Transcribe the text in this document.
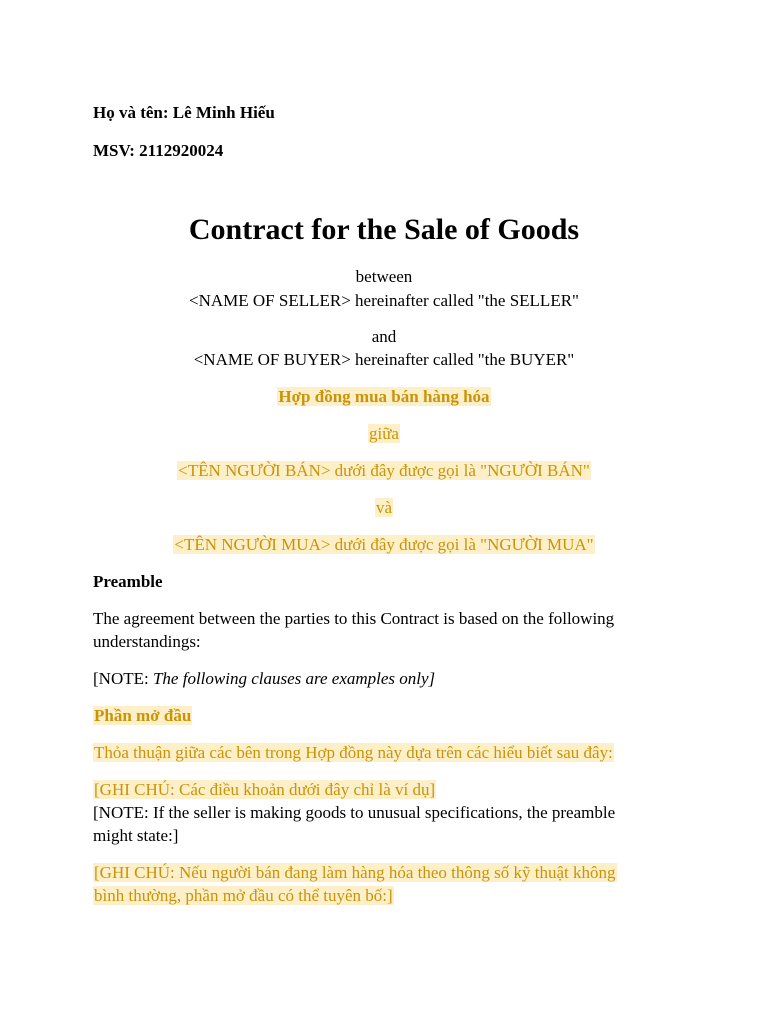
Họ và tên: Lê Minh Hiếu
MSV: 2112920024
Contract for the Sale of Goods
between
<NAME OF SELLER> hereinafter called "the SELLER"
and
<NAME OF BUYER> hereinafter called "the BUYER"
Hợp đồng mua bán hàng hóa
giữa
<TÊN NGƯỜI BÁN> dưới đây được gọi là "NGƯỜI BÁN"
và
<TÊN NGƯỜI MUA> dưới đây được gọi là "NGƯỜI MUA"
Preamble
The agreement between the parties to this Contract is based on the following
understandings:
[NOTE: The following clauses are examples only]
Phần mở đầu
Thỏa thuận giữa các bên trong Hợp đồng này dựa trên các hiểu biết sau đây:
[GHI CHÚ: Các điều khoản dưới đây chỉ là ví dụ]
[NOTE: If the seller is making goods to unusual specifications, the preamble
might state:]
[GHI CHÚ: Nếu người bán đang làm hàng hóa theo thông số kỹ thuật không
bình thường, phần mở đầu có thể tuyên bố:]
